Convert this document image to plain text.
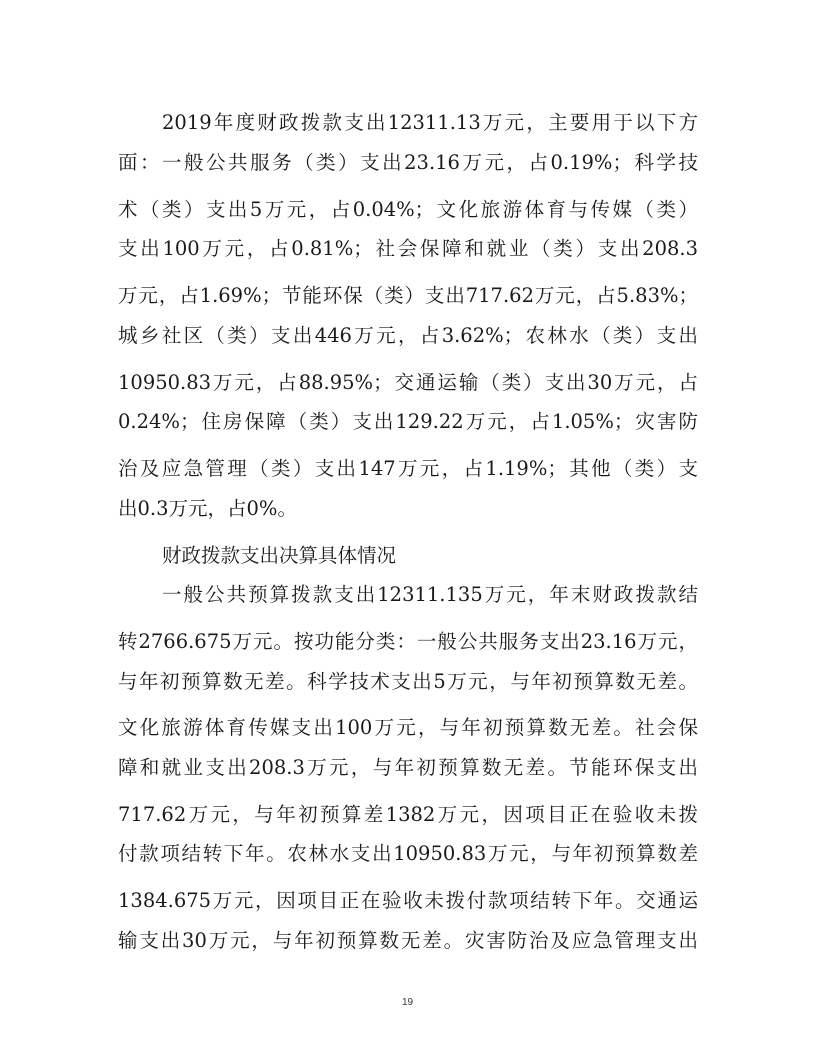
2019年度财政拨款支出12311.13万元，主要用于以下方
面：一般公共服务（类）支出23.16万元，占0.19%；科学技
术（类）支出5万元，占0.04%；文化旅游体育与传媒（类）
支出100万元，占0.81%；社会保障和就业（类）支出208.3
万元，占1.69%；节能环保（类）支出717.62万元，占5.83%；
城乡社区（类）支出446万元，占3.62%；农林水（类）支出
10950.83万元，占88.95%；交通运输（类）支出30万元，占
0.24%；住房保障（类）支出129.22万元，占1.05%；灾害防
治及应急管理（类）支出147万元，占1.19%；其他（类）支
出0.3万元，占0%。
财政拨款支出决算具体情况
一般公共预算拨款支出12311.135万元，年末财政拨款结
转2766.675万元。按功能分类：一般公共服务支出23.16万元，
与年初预算数无差。科学技术支出5万元，与年初预算数无差。
文化旅游体育传媒支出100万元，与年初预算数无差。社会保
障和就业支出208.3万元，与年初预算数无差。节能环保支出
717.62万元，与年初预算差1382万元，因项目正在验收未拨
付款项结转下年。农林水支出10950.83万元，与年初预算数差
1384.675万元，因项目正在验收未拨付款项结转下年。交通运
输支出30万元，与年初预算数无差。灾害防治及应急管理支出
19
